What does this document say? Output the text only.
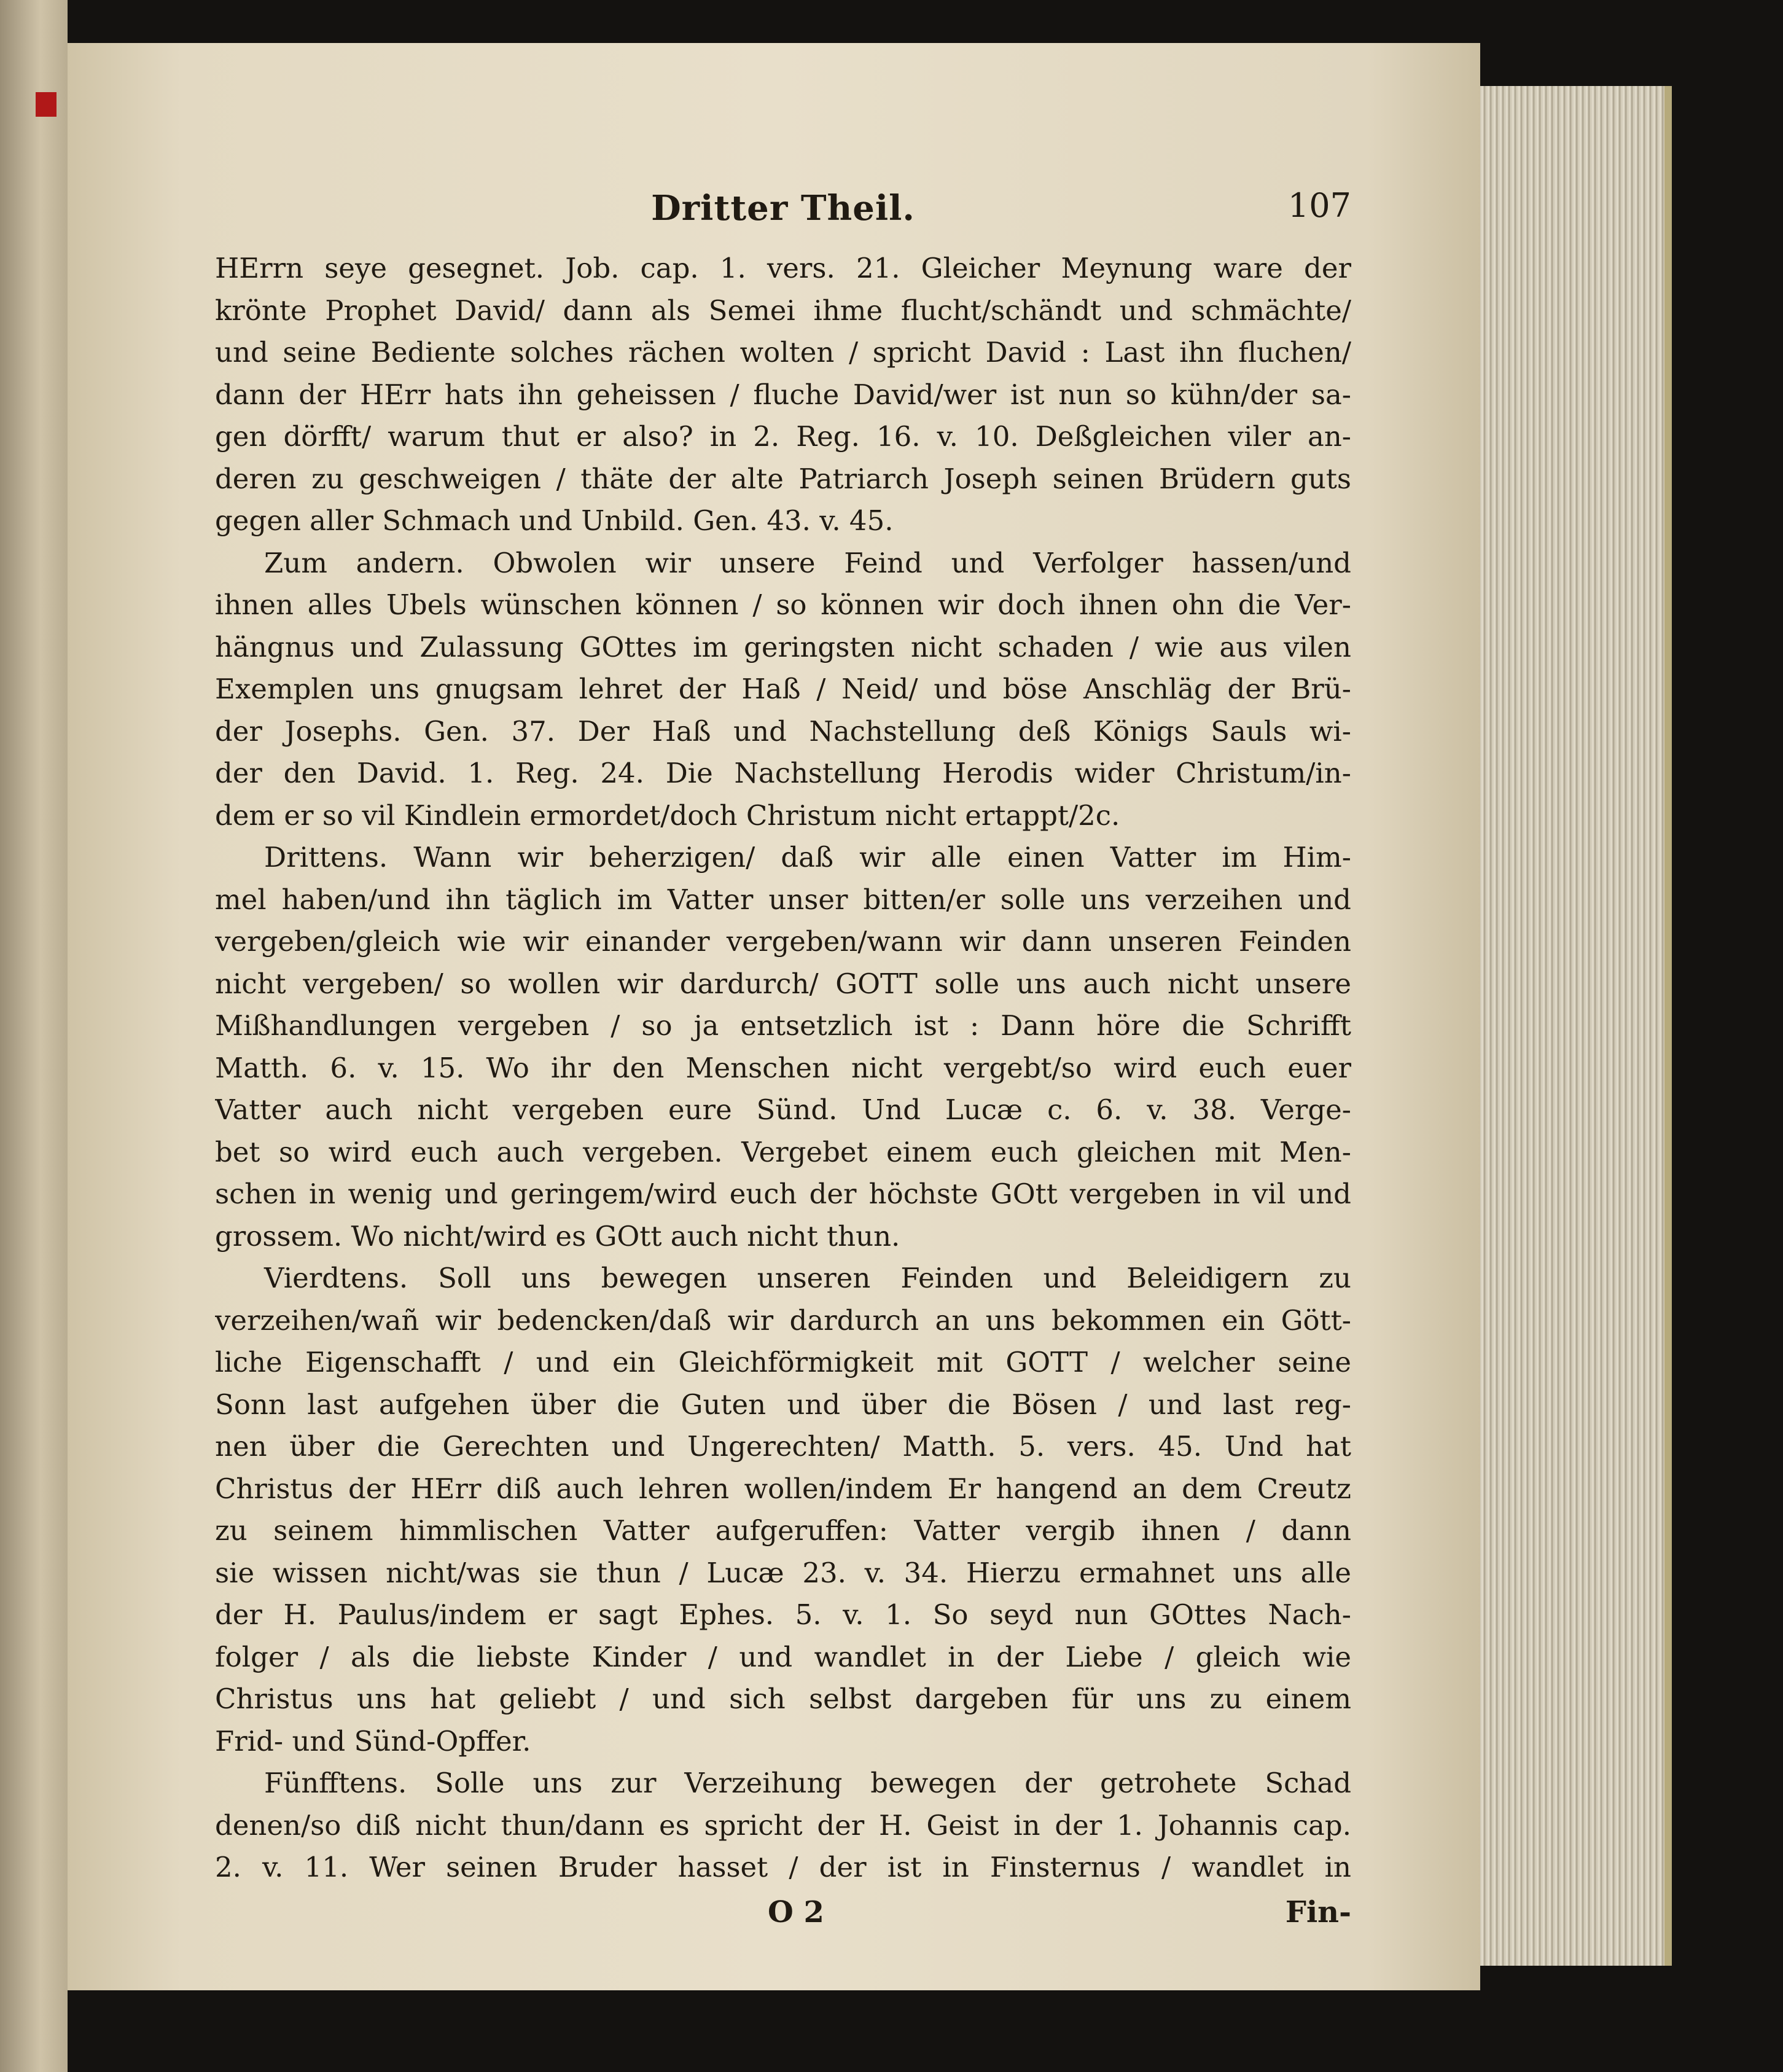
Dritter Theil.	107
HErrn seye gesegnet. Job. cap. 1. vers. 21. Gleicher Meynung ware der
krönte Prophet David/ dann als Semei ihme flucht/schändt und schmächte/
und seine Bediente solches rächen wolten / spricht David : Last ihn fluchen/
dann der HErr hats ihn geheissen / fluche David/wer ist nun so kühn/der sa-
gen dörfft/ warum thut er also? in 2. Reg. 16. v. 10. Deßgleichen viler an-
deren zu geschweigen / thäte der alte Patriarch Joseph seinen Brüdern guts
gegen aller Schmach und Unbild. Gen. 43. v. 45.
Zum andern. Obwolen wir unsere Feind und Verfolger hassen/und
ihnen alles Ubels wünschen können / so können wir doch ihnen ohn die Ver-
hängnus und Zulassung GOttes im geringsten nicht schaden / wie aus vilen
Exemplen uns gnugsam lehret der Haß / Neid/ und böse Anschläg der Brü-
der Josephs. Gen. 37. Der Haß und Nachstellung deß Königs Sauls wi-
der den David. 1. Reg. 24. Die Nachstellung Herodis wider Christum/in-
dem er so vil Kindlein ermordet/doch Christum nicht ertappt/2c.
Drittens. Wann wir beherzigen/ daß wir alle einen Vatter im Him-
mel haben/und ihn täglich im Vatter unser bitten/er solle uns verzeihen und
vergeben/gleich wie wir einander vergeben/wann wir dann unseren Feinden
nicht vergeben/ so wollen wir dardurch/ GOTT solle uns auch nicht unsere
Mißhandlungen vergeben / so ja entsetzlich ist : Dann höre die Schrifft
Matth. 6. v. 15. Wo ihr den Menschen nicht vergebt/so wird euch euer
Vatter auch nicht vergeben eure Sünd. Und Lucæ c. 6. v. 38. Verge-
bet so wird euch auch vergeben. Vergebet einem euch gleichen mit Men-
schen in wenig und geringem/wird euch der höchste GOtt vergeben in vil und
grossem. Wo nicht/wird es GOtt auch nicht thun.
Vierdtens. Soll uns bewegen unseren Feinden und Beleidigern zu
verzeihen/wañ wir bedencken/daß wir dardurch an uns bekommen ein Gött-
liche Eigenschafft / und ein Gleichförmigkeit mit GOTT / welcher seine
Sonn last aufgehen über die Guten und über die Bösen / und last reg-
nen über die Gerechten und Ungerechten/ Matth. 5. vers. 45. Und hat
Christus der HErr diß auch lehren wollen/indem Er hangend an dem Creutz
zu seinem himmlischen Vatter aufgeruffen: Vatter vergib ihnen / dann
sie wissen nicht/was sie thun / Lucæ 23. v. 34. Hierzu ermahnet uns alle
der H. Paulus/indem er sagt Ephes. 5. v. 1. So seyd nun GOttes Nach-
folger / als die liebste Kinder / und wandlet in der Liebe / gleich wie
Christus uns hat geliebt / und sich selbst dargeben für uns zu einem
Frid- und Sünd-Opffer.
Fünfftens. Solle uns zur Verzeihung bewegen der getrohete Schad
denen/so diß nicht thun/dann es spricht der H. Geist in der 1. Johannis cap.
2. v. 11. Wer seinen Bruder hasset / der ist in Finsternus / wandlet in
O 2	Fin-
